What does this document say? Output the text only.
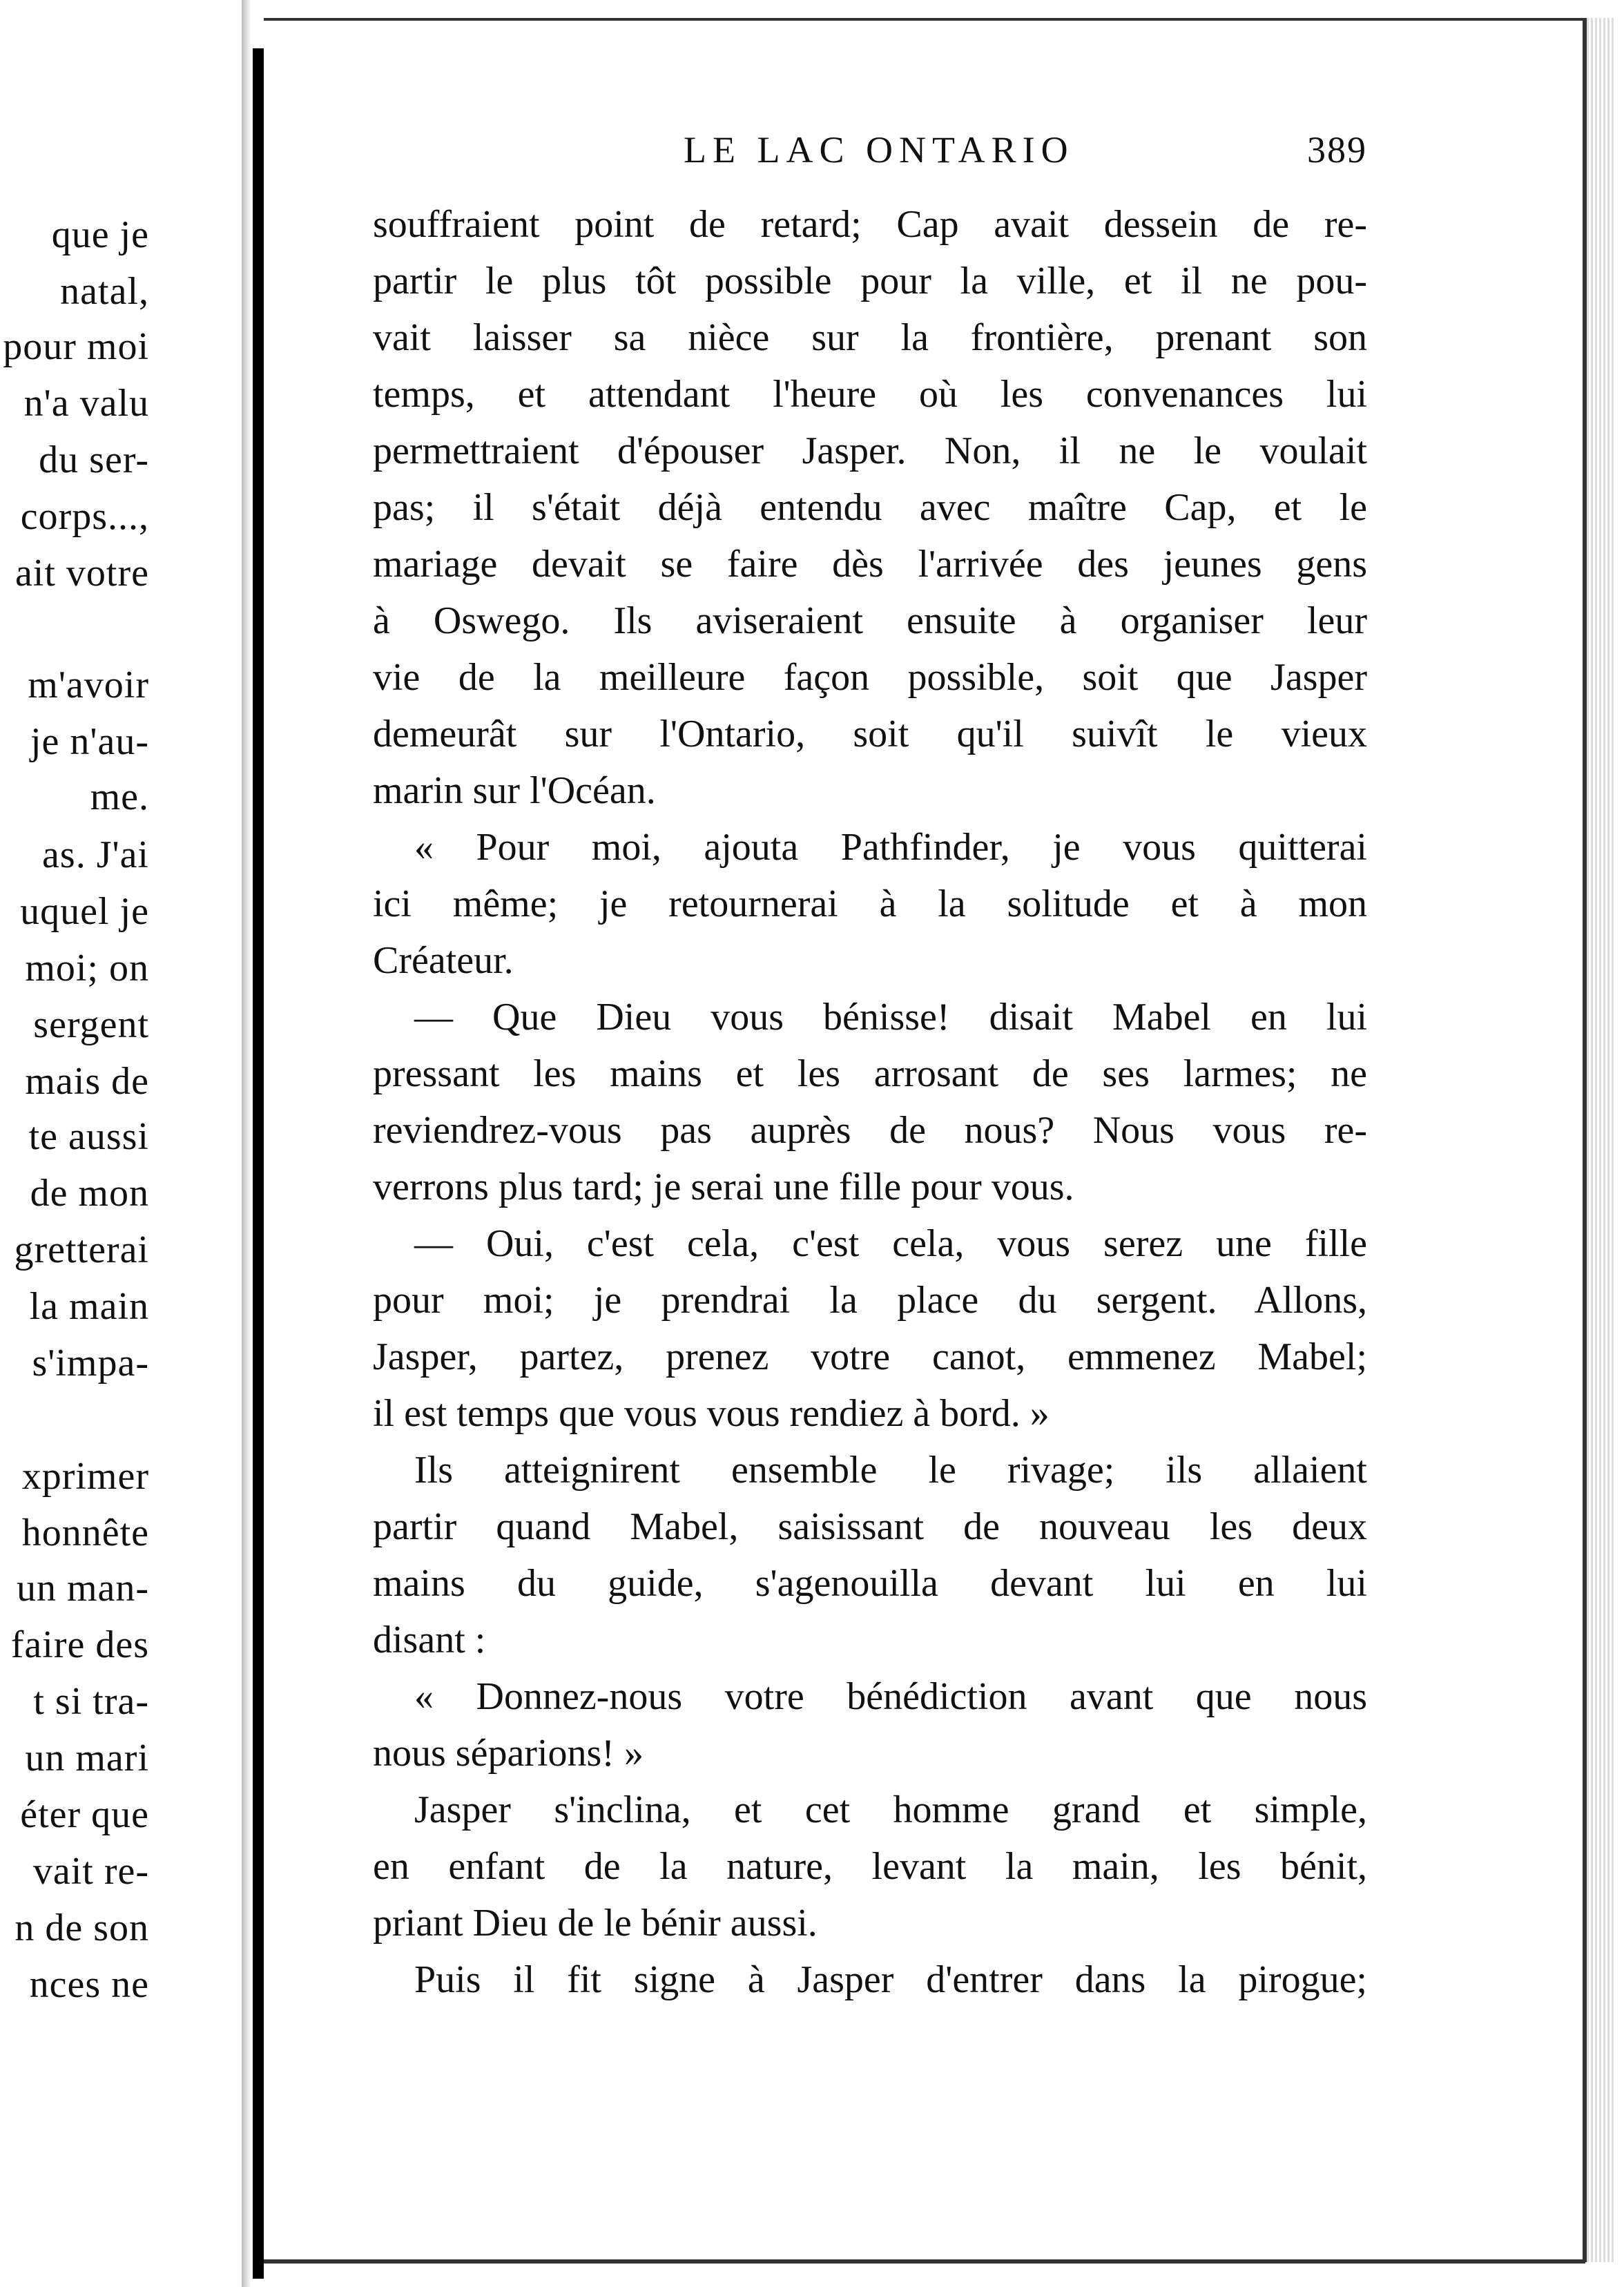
que je
natal,
pour moi
n'a valu
du ser-
corps...,
ait votre
m'avoir
je n'au-
me.
as. J'ai
uquel je
moi; on
sergent
mais de
te aussi
de mon
gretterai
la main
s'impa-
xprimer
honnête
un man-
faire des
t si tra-
un mari
éter que
vait re-
n de son
nces ne
LE LAC ONTARIO	389
souffraient point de retard; Cap avait dessein de re-
partir le plus tôt possible pour la ville, et il ne pou-
vait laisser sa nièce sur la frontière, prenant son
temps, et attendant l'heure où les convenances lui
permettraient d'épouser Jasper. Non, il ne le voulait
pas; il s'était déjà entendu avec maître Cap, et le
mariage devait se faire dès l'arrivée des jeunes gens
à Oswego. Ils aviseraient ensuite à organiser leur
vie de la meilleure façon possible, soit que Jasper
demeurât sur l'Ontario, soit qu'il suivît le vieux
marin sur l'Océan.
« Pour moi, ajouta Pathfinder, je vous quitterai
ici même; je retournerai à la solitude et à mon
Créateur.
— Que Dieu vous bénisse! disait Mabel en lui
pressant les mains et les arrosant de ses larmes; ne
reviendrez-vous pas auprès de nous? Nous vous re-
verrons plus tard; je serai une fille pour vous.
— Oui, c'est cela, c'est cela, vous serez une fille
pour moi; je prendrai la place du sergent. Allons,
Jasper, partez, prenez votre canot, emmenez Mabel;
il est temps que vous vous rendiez à bord. »
Ils atteignirent ensemble le rivage; ils allaient
partir quand Mabel, saisissant de nouveau les deux
mains du guide, s'agenouilla devant lui en lui
disant :
« Donnez-nous votre bénédiction avant que nous
nous séparions! »
Jasper s'inclina, et cet homme grand et simple,
en enfant de la nature, levant la main, les bénit,
priant Dieu de le bénir aussi.
Puis il fit signe à Jasper d'entrer dans la pirogue;
